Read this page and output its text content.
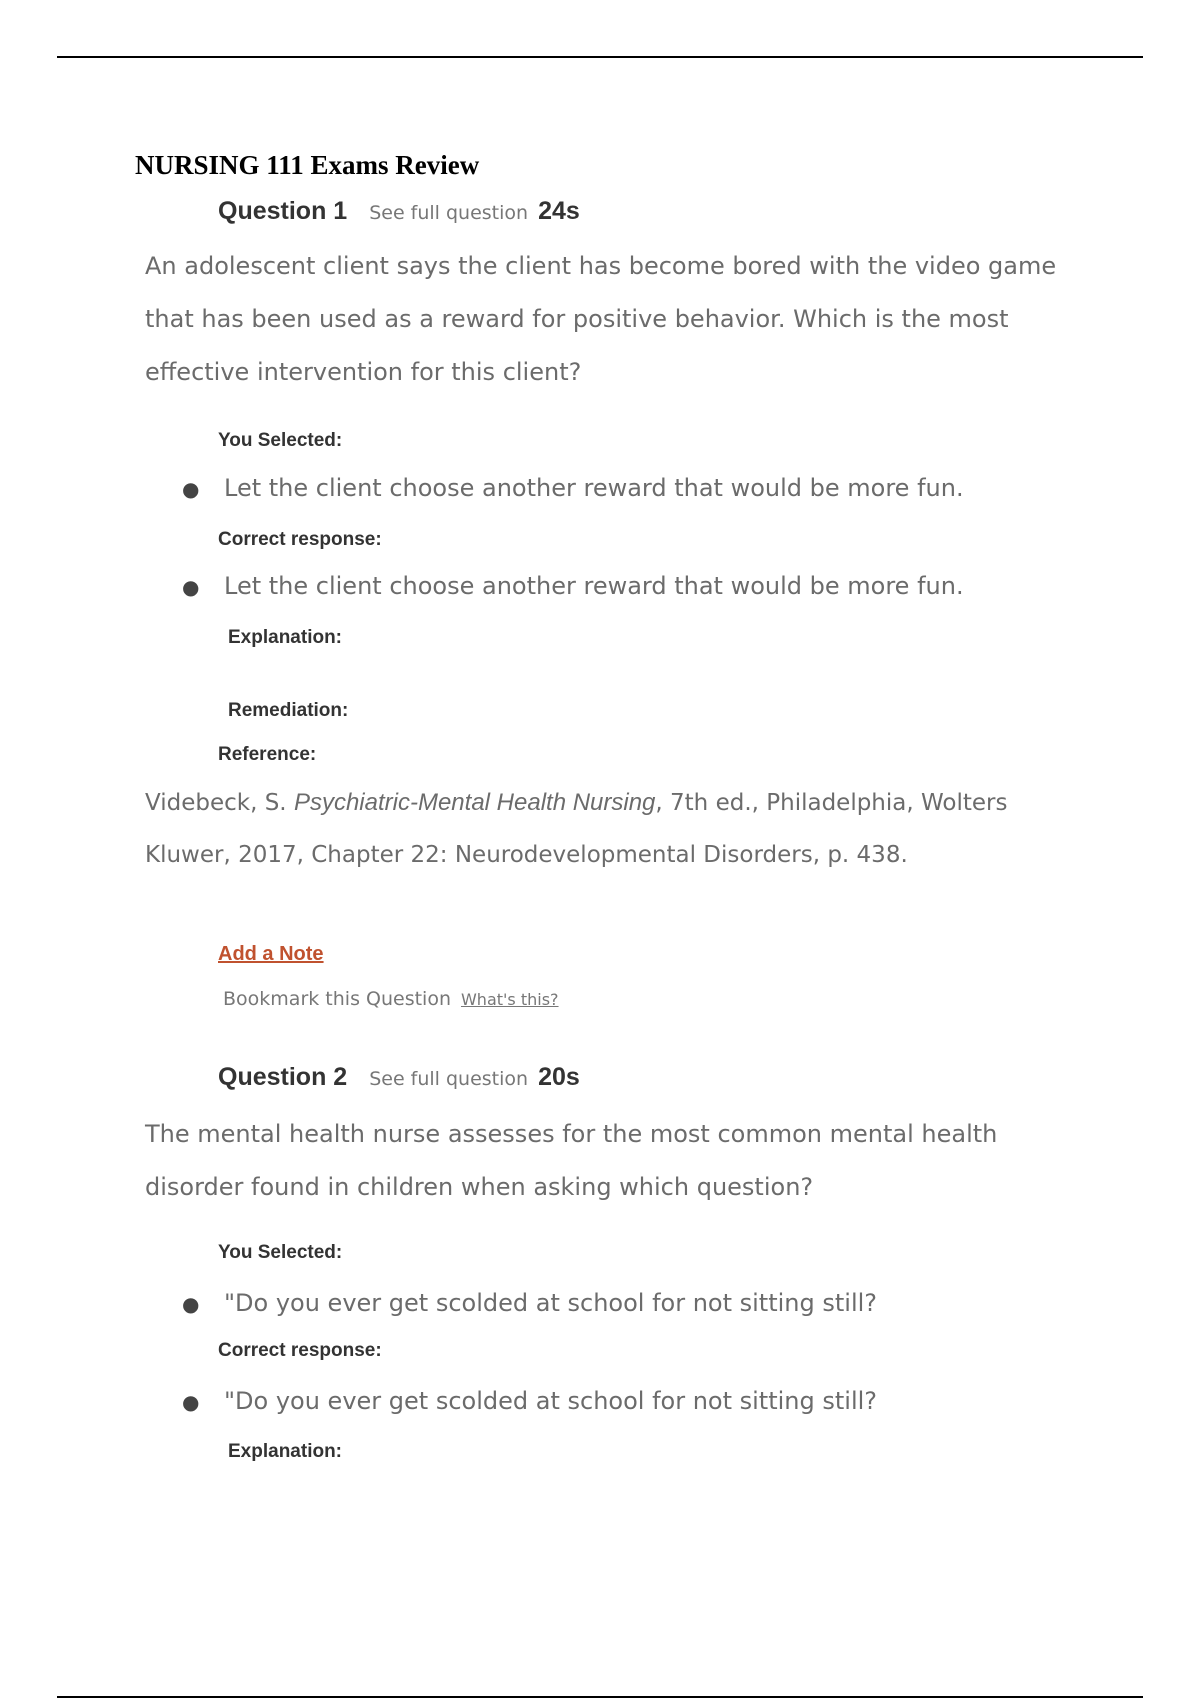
NURSING 111 Exams Review
Question 1 See full question 24s

An adolescent client says the client has become bored with the video game that has been used as a reward for positive behavior. Which is the most effective intervention for this client?

You Selected:
● Let the client choose another reward that would be more fun.
Correct response:
● Let the client choose another reward that would be more fun.
Explanation:
Remediation:
Reference:

Videbeck, S. Psychiatric-Mental Health Nursing, 7th ed., Philadelphia, Wolters Kluwer, 2017, Chapter 22: Neurodevelopmental Disorders, p. 438.

Add a Note
Bookmark this Question What's this?
Question 2 See full question 20s

The mental health nurse assesses for the most common mental health disorder found in children when asking which question?

You Selected:
● "Do you ever get scolded at school for not sitting still?
Correct response:
● "Do you ever get scolded at school for not sitting still?
Explanation:
